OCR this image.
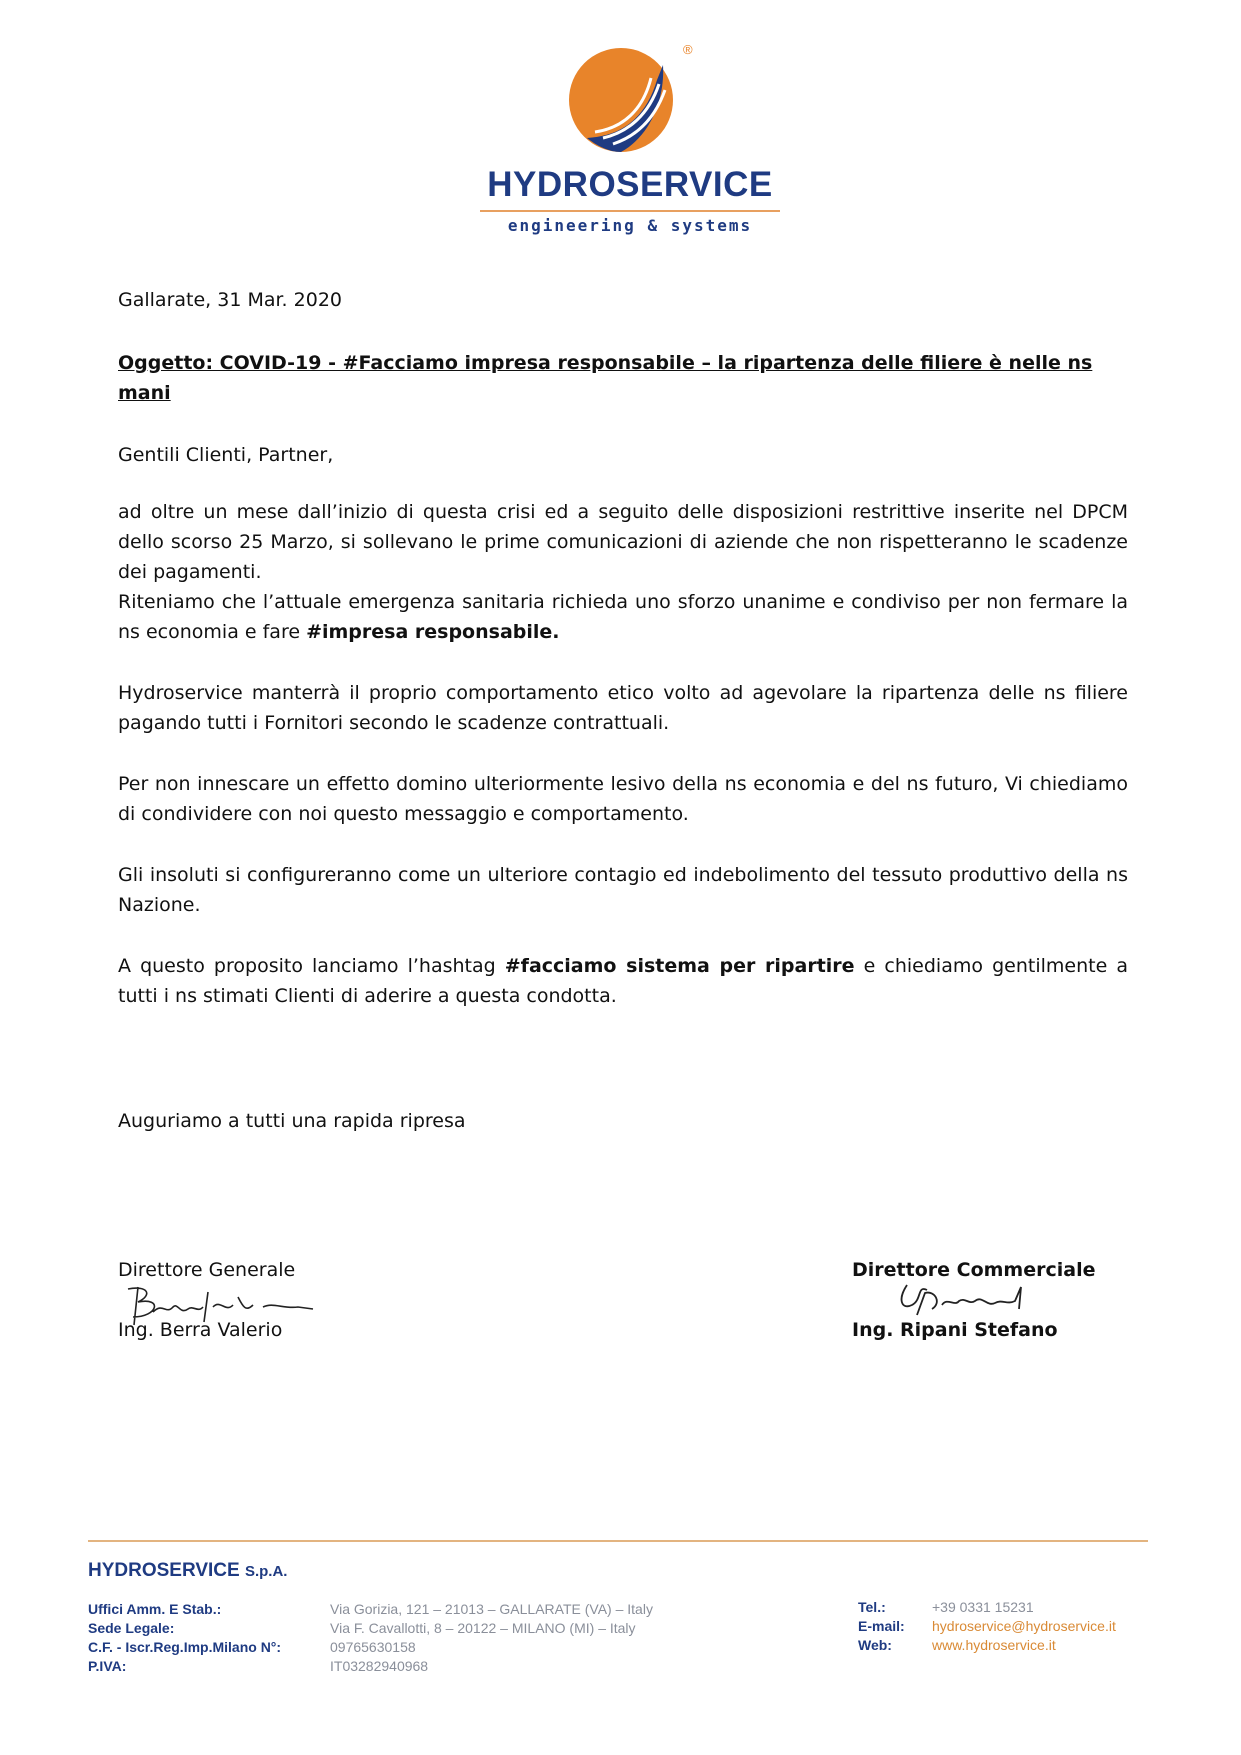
®
HYDROSERVICE
engineering & systems
Gallarate, 31 Mar. 2020
Oggetto: COVID-19 - #Facciamo impresa responsabile – la ripartenza delle filiere è nelle ns mani
Gentili Clienti, Partner,

ad oltre un mese dall’inizio di questa crisi ed a seguito delle disposizioni restrittive inserite nel DPCM dello scorso 25 Marzo, si sollevano le prime comunicazioni di aziende che non rispetteranno le scadenze dei pagamenti.
Riteniamo che l’attuale emergenza sanitaria richieda uno sforzo unanime e condiviso per non fermare la ns economia e fare #impresa responsabile.

Hydroservice manterrà il proprio comportamento etico volto ad agevolare la ripartenza delle ns filiere pagando tutti i Fornitori secondo le scadenze contrattuali.

Per non innescare un effetto domino ulteriormente lesivo della ns economia e del ns futuro, Vi chiediamo di condividere con noi questo messaggio e comportamento.

Gli insoluti si configureranno come un ulteriore contagio ed indebolimento del tessuto produttivo della ns Nazione.

A questo proposito lanciamo l’hashtag #facciamo sistema per ripartire e chiediamo gentilmente a tutti i ns stimati Clienti di aderire a questa condotta.

Auguriamo a tutti una rapida ripresa
Direttore Generale
Ing. Berra Valerio
Direttore Commerciale
Ing. Ripani Stefano
HYDROSERVICE S.p.A.
Uffici Amm. E Stab.:
Sede Legale:
C.F. - Iscr.Reg.Imp.Milano N°:
P.IVA:
Via Gorizia, 121 – 21013 – GALLARATE (VA) – Italy
Via F. Cavallotti, 8 – 20122 – MILANO (MI) – Italy
09765630158
IT03282940968
Tel.:
E-mail:
Web:
+39 0331 15231
hydroservice@hydroservice.it
www.hydroservice.it
